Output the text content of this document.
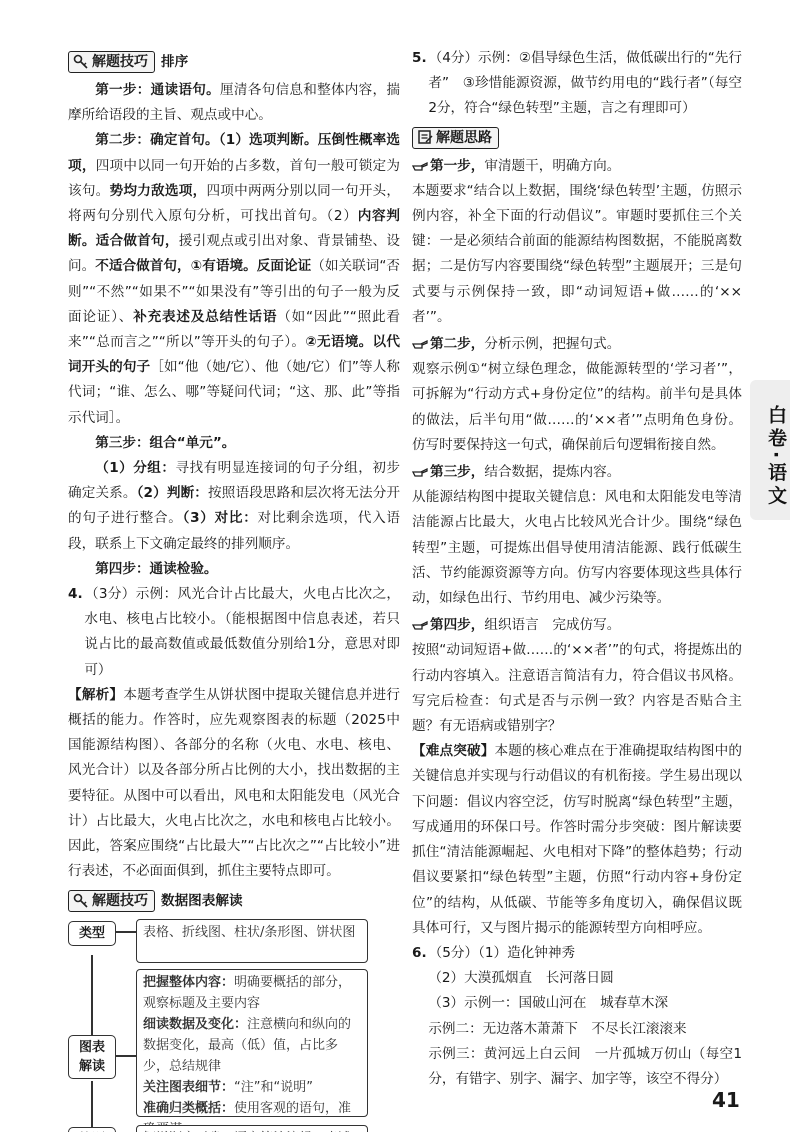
解题技巧 排序

第一步：通读语句。厘清各句信息和整体内容，揣摩所给语段的主旨、观点或中心。

第二步：确定首句。（1）选项判断。压倒性概率选项，四项中以同一句开始的占多数，首句一般可锁定为该句。势均力敌选项，四项中两两分别以同一句开头，将两句分别代入原句分析，可找出首句。（2）内容判断。适合做首句，援引观点或引出对象、背景铺垫、设问。不适合做首句，①有语境。反面论证（如关联词“否则”“不然”“如果不”“如果没有”等引出的句子一般为反面论证）、补充表述及总结性话语（如“因此”“照此看来”“总而言之”“所以”等开头的句子）。②无语境。以代词开头的句子［如“他（她/它）、他（她/它）们”等人称代词；“谁、怎么、哪”等疑问代词；“这、那、此”等指示代词］。

第三步：组合“单元”。

（1）分组：寻找有明显连接词的句子分组，初步确定关系。（2）判断：按照语段思路和层次将无法分开的句子进行整合。（3）对比：对比剩余选项，代入语段，联系上下文确定最终的排列顺序。

第四步：通读检验。

4. （3分）示例：风光合计占比最大，火电占比次之，水电、核电占比较小。（能根据图中信息表述，若只说占比的最高数值或最低数值分别给1分，意思对即可）

【解析】本题考查学生从饼状图中提取关键信息并进行概括的能力。作答时，应先观察图表的标题（2025中国能源结构图）、各部分的名称（火电、水电、核电、风光合计）以及各部分所占比例的大小，找出数据的主要特征。从图中可以看出，风电和太阳能发电（风光合计）占比最大，火电占比次之，水电和核电占比较小。因此，答案应围绕“占比最大”“占比次之”“占比较小”进行表述，不必面面俱到，抓住主要特点即可。

解题技巧 数据图表解读
类型	表格、折线图、柱状/条形图、饼状图
图表解读
把握整体内容：明确要概括的部分，观察标题及主要内容
细读数据及变化：注意横向和纵向的数据变化，最高（低）值，占比多少，总结规律
关注图表细节：“注”和“说明”
准确归类概括：使用客观的语句，准

5. （4分）示例：②倡导绿色生活，做低碳出行的“先行者”　③珍惜能源资源，做节约用电的“践行者”（每空2分，符合“绿色转型”主题，言之有理即可）

解题思路

第一步，审清题干，明确方向。

本题要求“结合以上数据，围绕‘绿色转型’主题，仿照示例内容，补全下面的行动倡议”。审题时要抓住三个关键：一是必须结合前面的能源结构图数据，不能脱离数据；二是仿写内容要围绕“绿色转型”主题展开；三是句式要与示例保持一致，即“动词短语+做……的‘××者’”。

第二步，分析示例，把握句式。

观察示例①“树立绿色理念，做能源转型的‘学习者’”，可拆解为“行动方式+身份定位”的结构。前半句是具体的做法，后半句用“做……的‘××者’”点明角色身份。仿写时要保持这一句式，确保前后句逻辑衔接自然。

第三步，结合数据，提炼内容。

从能源结构图中提取关键信息：风电和太阳能发电等清洁能源占比最大，火电占比较风光合计少。围绕“绿色转型”主题，可提炼出倡导使用清洁能源、践行低碳生活、节约能源资源等方向。仿写内容要体现这些具体行动，如绿色出行、节约用电、减少污染等。

第四步，组织语言　完成仿写。

按照“动词短语+做……的‘××者’”的句式，将提炼出的行动内容填入。注意语言简洁有力，符合倡议书风格。写完后检查：句式是否与示例一致？内容是否贴合主题？有无语病或错别字？

【难点突破】本题的核心难点在于准确提取结构图中的关键信息并实现与行动倡议的有机衔接。学生易出现以下问题：倡议内容空泛，仿写时脱离“绿色转型”主题，写成通用的环保口号。作答时需分步突破：图片解读要抓住“清洁能源崛起、火电相对下降”的整体趋势；行动倡议要紧扣“绿色转型”主题，仿照“行动内容+身份定位”的结构，从低碳、节能等多角度切入，确保倡议既具体可行，又与图片揭示的能源转型方向相呼应。

6. （5分）（1）造化钟神秀

（2）大漠孤烟直　长河落日圆

（3）示例一：国破山河在　城春草木深

示例二：无边落木萧萧下　不尽长江滚滚来

示例三：黄河远上白云间　一片孤城万仞山（每空1分，有错字、别字、漏字、加字等，该空不得分）

白卷·语文
41
